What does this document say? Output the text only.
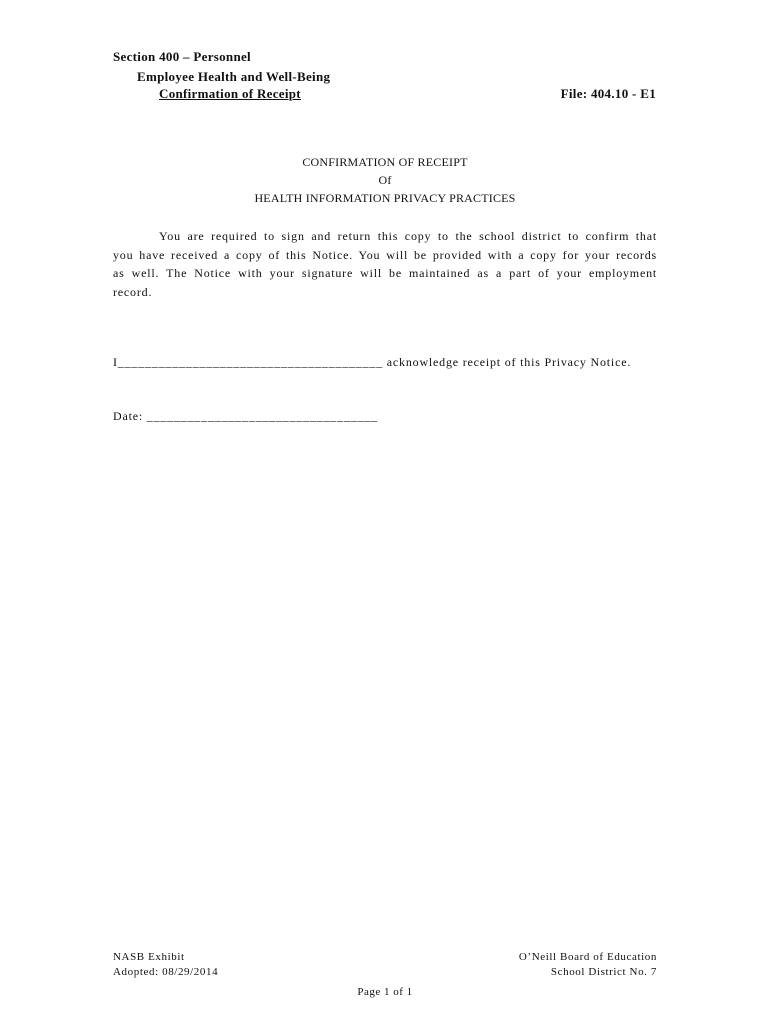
Section 400 – Personnel
Employee Health and Well-Being
Confirmation of Receipt	File: 404.10 - E1
CONFIRMATION OF RECEIPT
Of
HEALTH INFORMATION PRIVACY PRACTICES
You are required to sign and return this copy to the school district to confirm that you have received a copy of this Notice. You will be provided with a copy for your records as well. The Notice with your signature will be maintained as a part of your employment record.
I_______________________________________ acknowledge receipt of this Privacy Notice.
Date: __________________________________
NASB Exhibit
Adopted: 08/29/2014
O’Neill Board of Education
School District No. 7
Page 1 of 1
